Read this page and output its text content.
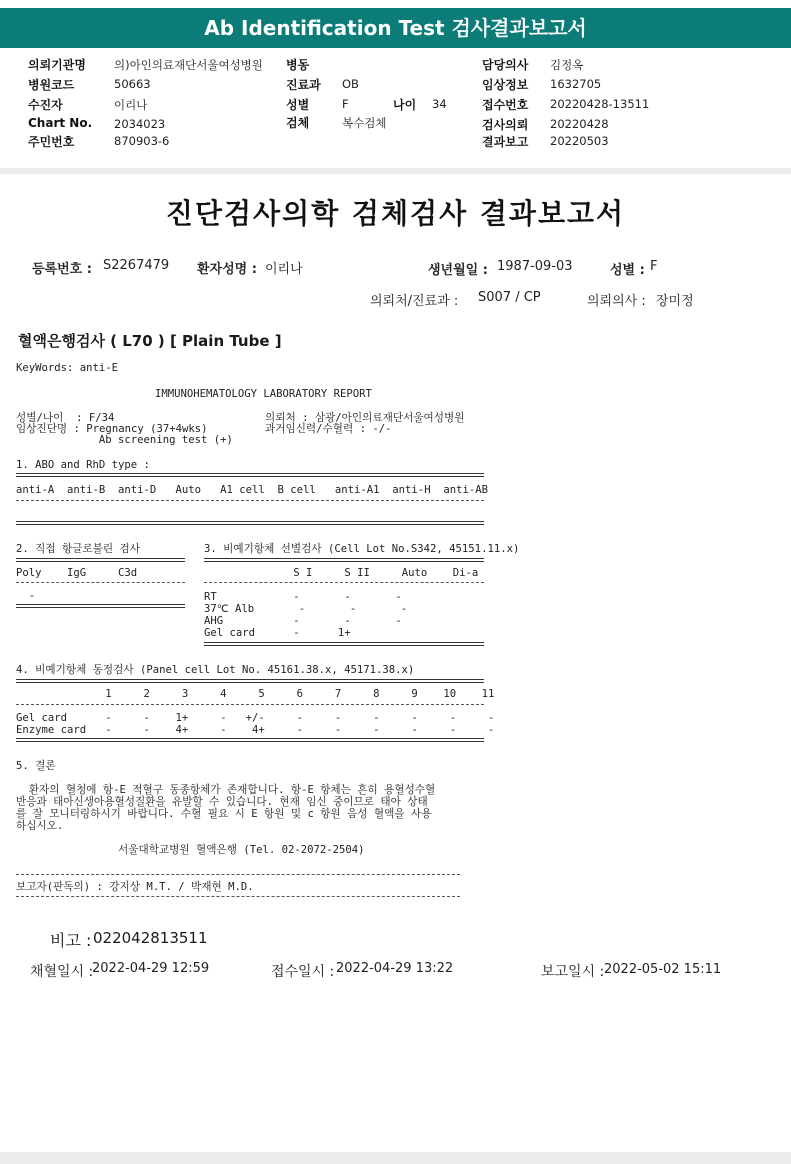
Ab Identification Test 검사결과보고서
의뢰기관명 의)아인의료재단서울여성병원
병원코드	50663
수진자	이리나
Chart No. 2034023
주민번호	870903-6
병동
진료과 OB
성별	F	나이 34
검체	복수검체
담당의사 김정옥
임상정보 1632705
접수번호 20220428-13511
검사의뢰 20220428
결과보고 20220503
진단검사의학 검체검사 결과보고서
등록번호 : S2267479 환자성명 : 이리나	생년월일 : 1987-09-03	성별 : F
의뢰처/진료과 : S007 / CP	의뢰의사 : 장미정
혈액은행검사 ( L70 ) [ Plain Tube ]
KeyWords: anti-E
IMMUNOHEMATOLOGY LABORATORY REPORT
성별/나이  : F/34
임상진단명 : Pregnancy (37+4wks)
Ab screening test (+)
의뢰처 : 삼광/아인의료재단서울여성병원
과거임신력/수혈력 : -/-
1. ABO and RhD type :
anti-A  anti-B  anti-D   Auto   A1 cell  B cell   anti-A1  anti-H  anti-AB
2. 직접 항글로불린 검사
Poly    IgG     C3d
-
3. 비예기항체 선별검사 (Cell Lot No.S342, 45151.11.x)
S I     S II     Auto    Di-a
RT            -       -       -
37℃ Alb       -       -       -
AHG           -       -       -
Gel card      -      1+
4. 비예기항체 동정검사 (Panel cell Lot No. 45161.38.x, 45171.38.x)
1     2     3     4     5     6     7     8     9    10    11
Gel card      -     -    1+     -   +/-     -     -     -     -     -     -
Enzyme card   -     -    4+     -    4+     -     -     -     -     -     -
5. 결론
환자의 혈청에 항-E 적혈구 동종항체가 존재합니다. 항-E 항체는 흔히 용혈성수혈
반응과 태아신생아용혈성질환을 유발할 수 있습니다. 현재 임신 중이므로 태아 상태
를 잘 모니터링하시기 바랍니다. 수혈 필요 시 E 항원 및 c 항원 음성 혈액을 사용
하십시오.
서울대학교병원 혈액은행 (Tel. 02-2072-2504)
보고자(판독의) : 강지상 M.T. / 박재현 M.D.
비고 : 022042813511
채혈일시 :
2022-04-29 12:59	접수일시 : 2022-04-29 13:22	보고일시 : 2022-05-02 15:11
